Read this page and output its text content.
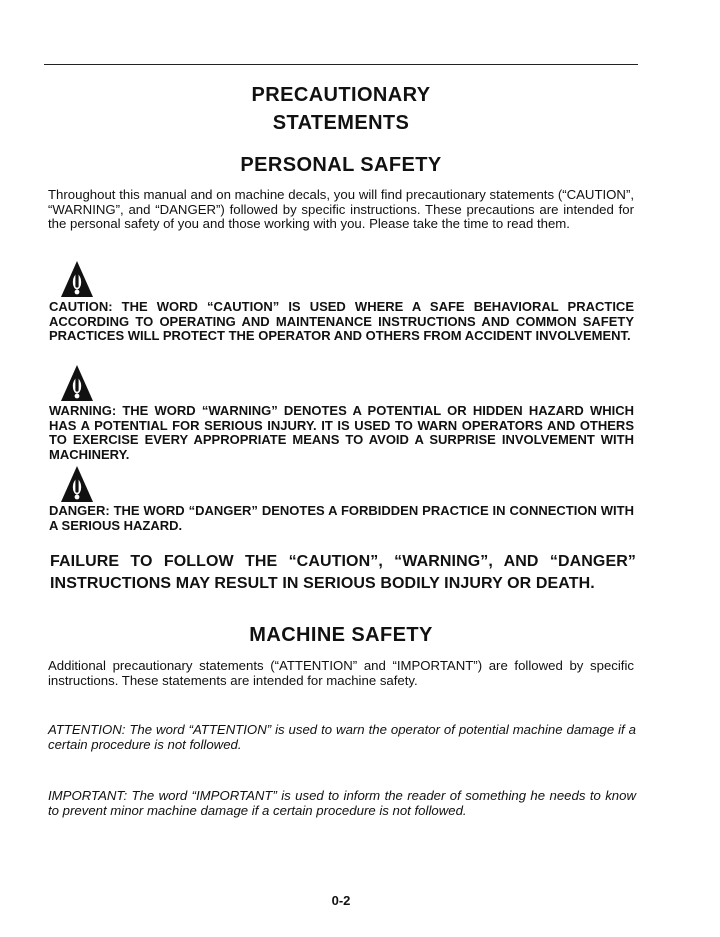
PRECAUTIONARY
STATEMENTS
PERSONAL SAFETY

Throughout this manual and on machine decals, you will find precautionary statements (“CAUTION”, “WARNING”, and “DANGER”) followed by specific instructions. These precautions are intended for the personal safety of you and those working with you. Please take the time to read them.

CAUTION: THE WORD “CAUTION” IS USED WHERE A SAFE BEHAVIORAL PRACTICE ACCORDING TO OPERATING AND MAINTENANCE INSTRUCTIONS AND COMMON SAFETY PRACTICES WILL PROTECT THE OPERATOR AND OTHERS FROM ACCIDENT INVOLVEMENT.

WARNING: THE WORD “WARNING” DENOTES A POTENTIAL OR HIDDEN HAZARD WHICH HAS A POTENTIAL FOR SERIOUS INJURY. IT IS USED TO WARN OPERATORS AND OTHERS TO EXERCISE EVERY APPROPRIATE MEANS TO AVOID A SURPRISE INVOLVEMENT WITH MACHINERY.

DANGER: THE WORD “DANGER” DENOTES A FORBIDDEN PRACTICE IN CONNECTION WITH A SERIOUS HAZARD.

FAILURE TO FOLLOW THE “CAUTION”, “WARNING”, AND “DANGER” INSTRUCTIONS MAY RESULT IN SERIOUS BODILY INJURY OR DEATH.

MACHINE SAFETY

Additional precautionary statements (“ATTENTION” and “IMPORTANT”) are followed by specific instructions. These statements are intended for machine safety.

ATTENTION: The word “ATTENTION” is used to warn the operator of potential machine damage if a certain procedure is not followed.

IMPORTANT: The word “IMPORTANT” is used to inform the reader of something he needs to know to prevent minor machine damage if a certain procedure is not followed.

0-2
